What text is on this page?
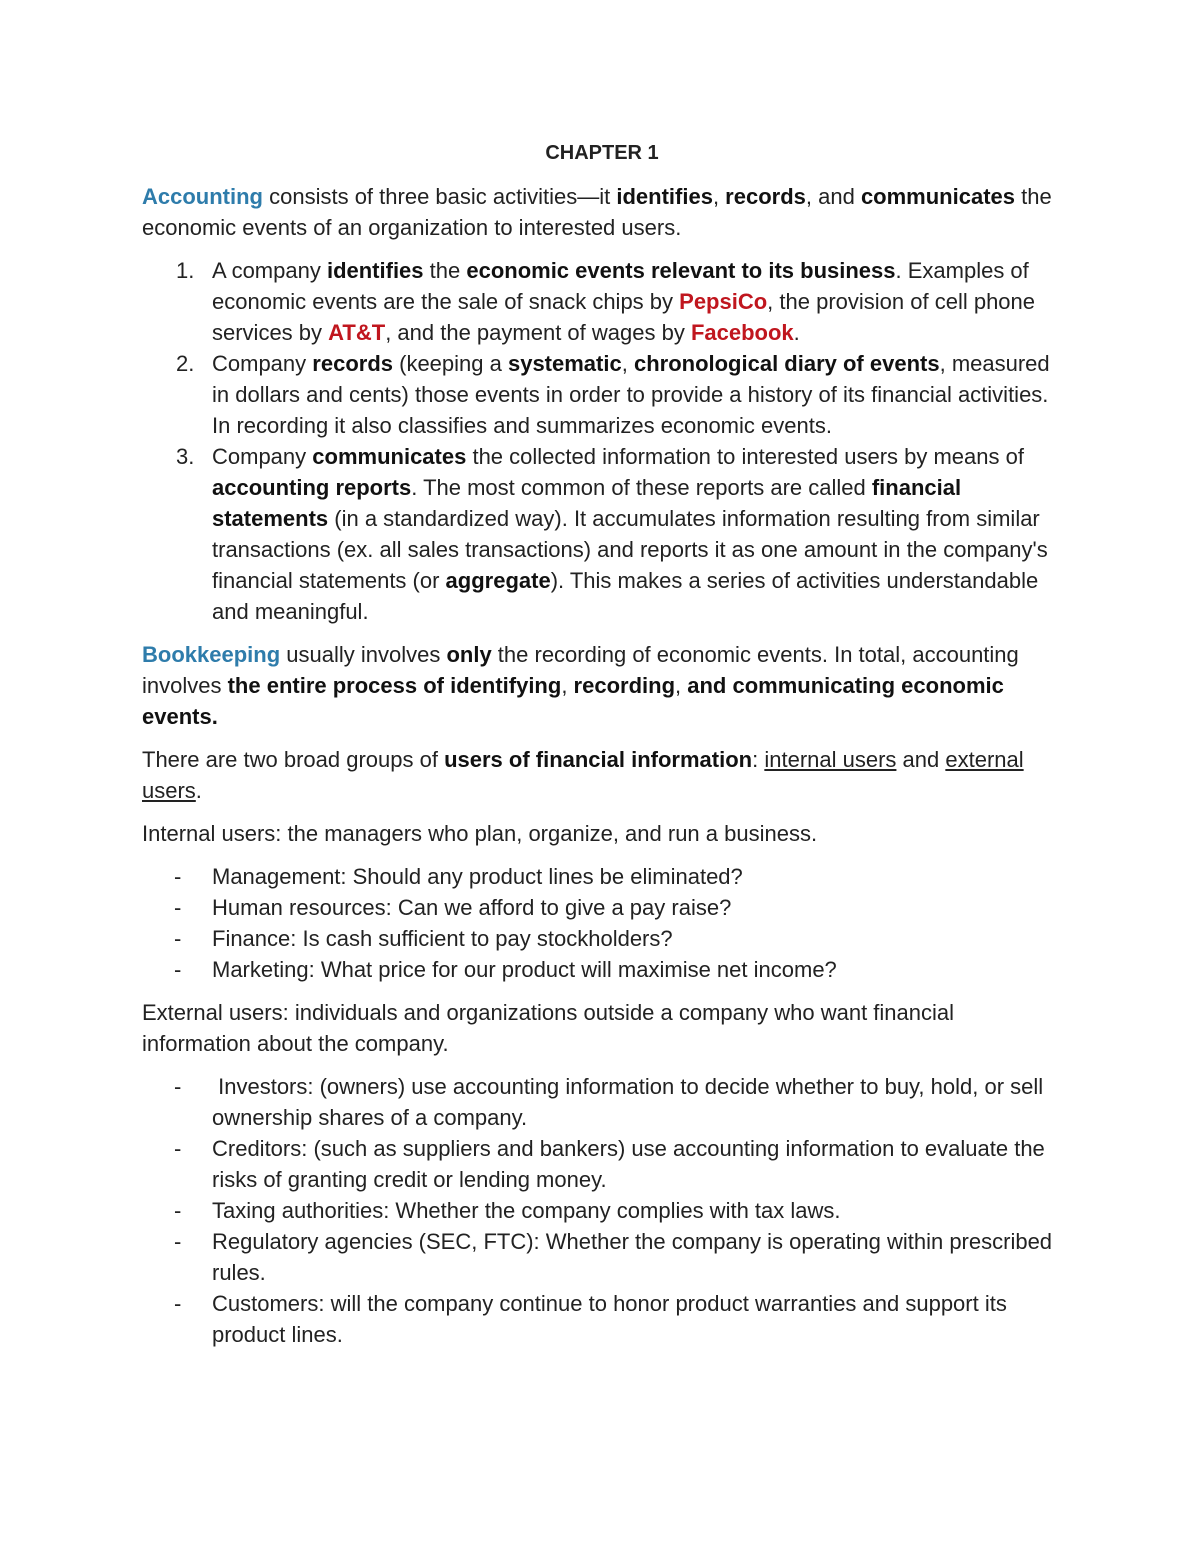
CHAPTER 1

Accounting consists of three basic activities—it identifies, records, and communicates the economic events of an organization to interested users.

1. A company identifies the economic events relevant to its business. Examples of economic events are the sale of snack chips by PepsiCo, the provision of cell phone services by AT&T, and the payment of wages by Facebook.
2. Company records (keeping a systematic, chronological diary of events, measured in dollars and cents) those events in order to provide a history of its financial activities. In recording it also classifies and summarizes economic events.
3. Company communicates the collected information to interested users by means of accounting reports. The most common of these reports are called financial statements (in a standardized way). It accumulates information resulting from similar transactions (ex. all sales transactions) and reports it as one amount in the company's financial statements (or aggregate). This makes a series of activities understandable and meaningful.

Bookkeeping usually involves only the recording of economic events. In total, accounting involves the entire process of identifying, recording, and communicating economic events.

There are two broad groups of users of financial information: internal users and external users.

Internal users: the managers who plan, organize, and run a business.

- Management: Should any product lines be eliminated?
- Human resources: Can we afford to give a pay raise?
- Finance: Is cash sufficient to pay stockholders?
- Marketing: What price for our product will maximise net income?

External users: individuals and organizations outside a company who want financial information about the company.

- Investors: (owners) use accounting information to decide whether to buy, hold, or sell ownership shares of a company.
- Creditors: (such as suppliers and bankers) use accounting information to evaluate the risks of granting credit or lending money.
- Taxing authorities: Whether the company complies with tax laws.
- Regulatory agencies (SEC, FTC): Whether the company is operating within prescribed rules.
- Customers: will the company continue to honor product warranties and support its product lines.
